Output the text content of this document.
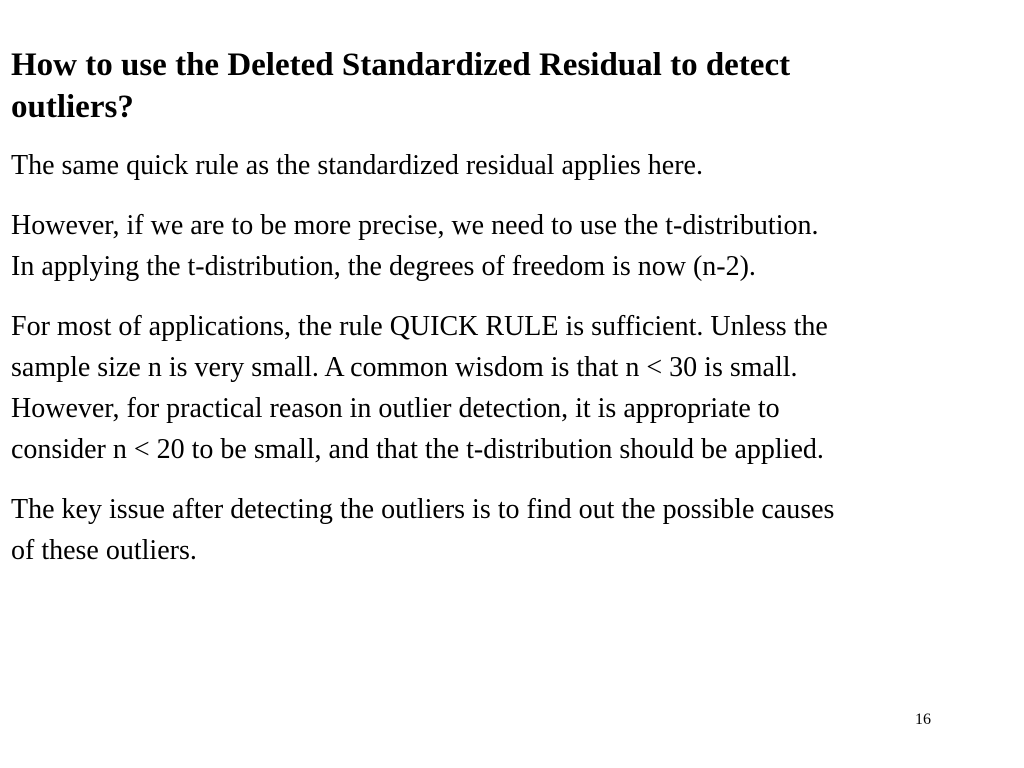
How to use the Deleted Standardized Residual to detect
outliers?

The same quick rule as the standardized residual applies here.

However, if we are to be more precise, we need to use the t-distribution.
In applying the t-distribution, the degrees of freedom is now (n-2).

For most of applications, the rule QUICK RULE is sufficient. Unless the
sample size n is very small. A common wisdom is that n < 30 is small.
However, for practical reason in outlier detection, it is appropriate to
consider n < 20 to be small, and that the t-distribution should be applied.

The key issue after detecting the outliers is to find out the possible causes
of these outliers.

16
